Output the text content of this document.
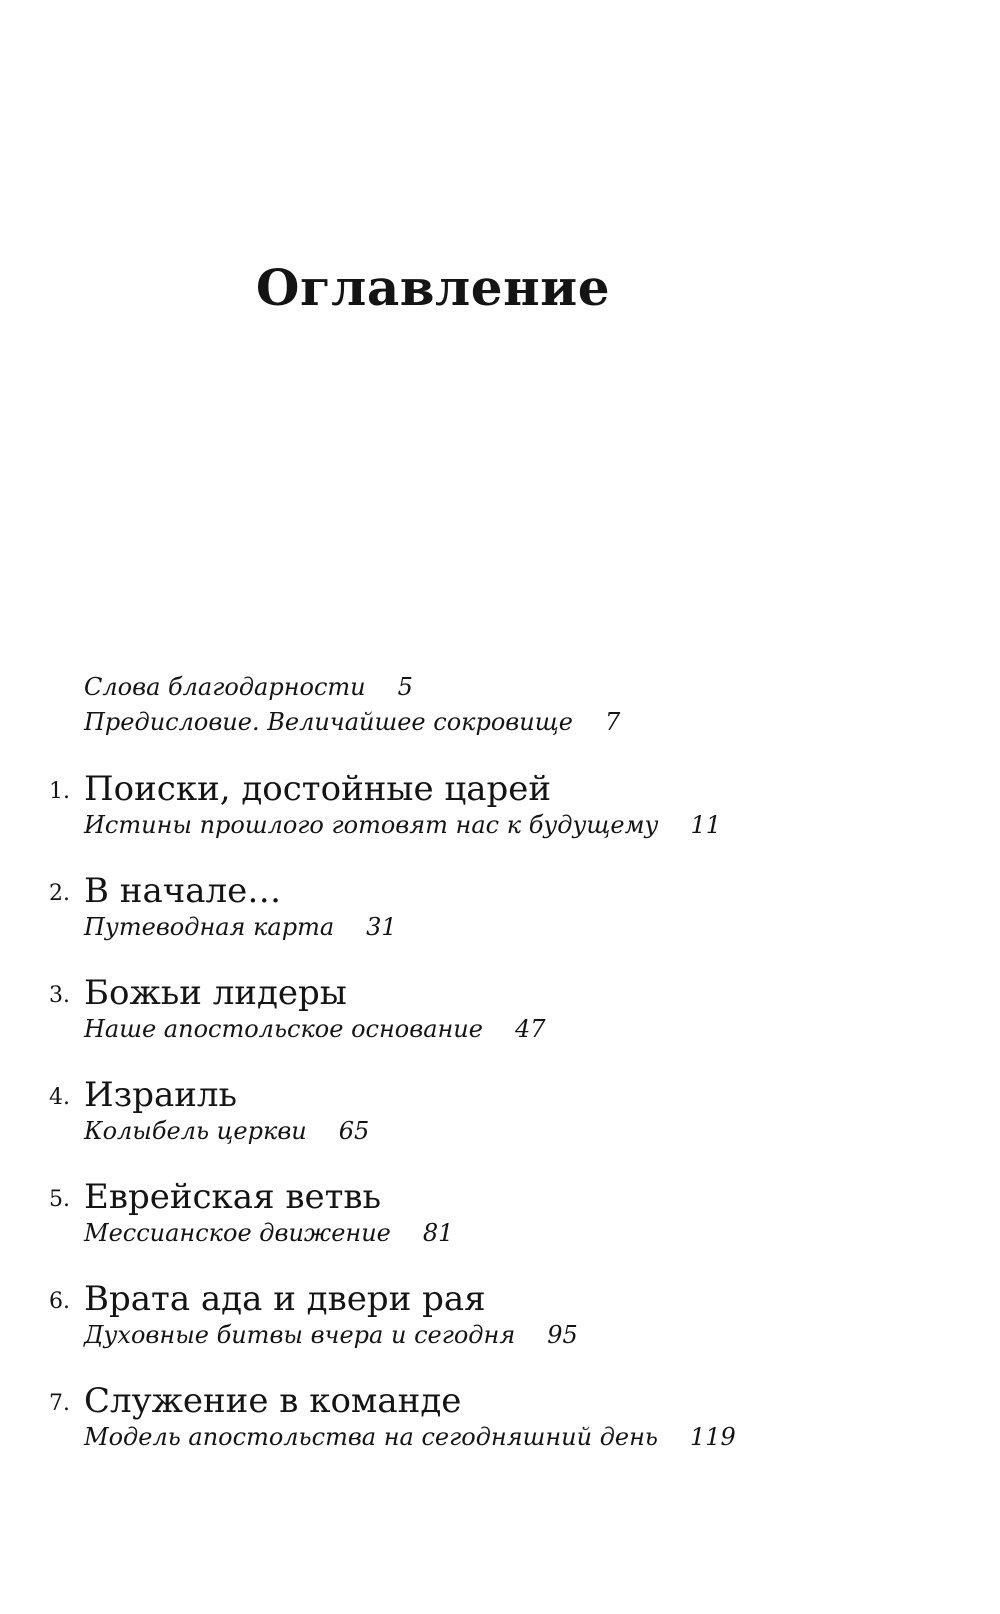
Оглавление
Слова благодарности 5
Предисловие. Величайшее сокровище 7
1. Поиски, достойные царей
Истины прошлого готовят нас к будущему 11
2. В начале…
Путеводная карта 31
3. Божьи лидеры
Наше апостольское основание 47
4. Израиль
Колыбель церкви 65
5. Еврейская ветвь
Мессианское движение 81
6. Врата ада и двери рая
Духовные битвы вчера и сегодня 95
7. Служение в команде
Модель апостольства на сегодняшний день 119
